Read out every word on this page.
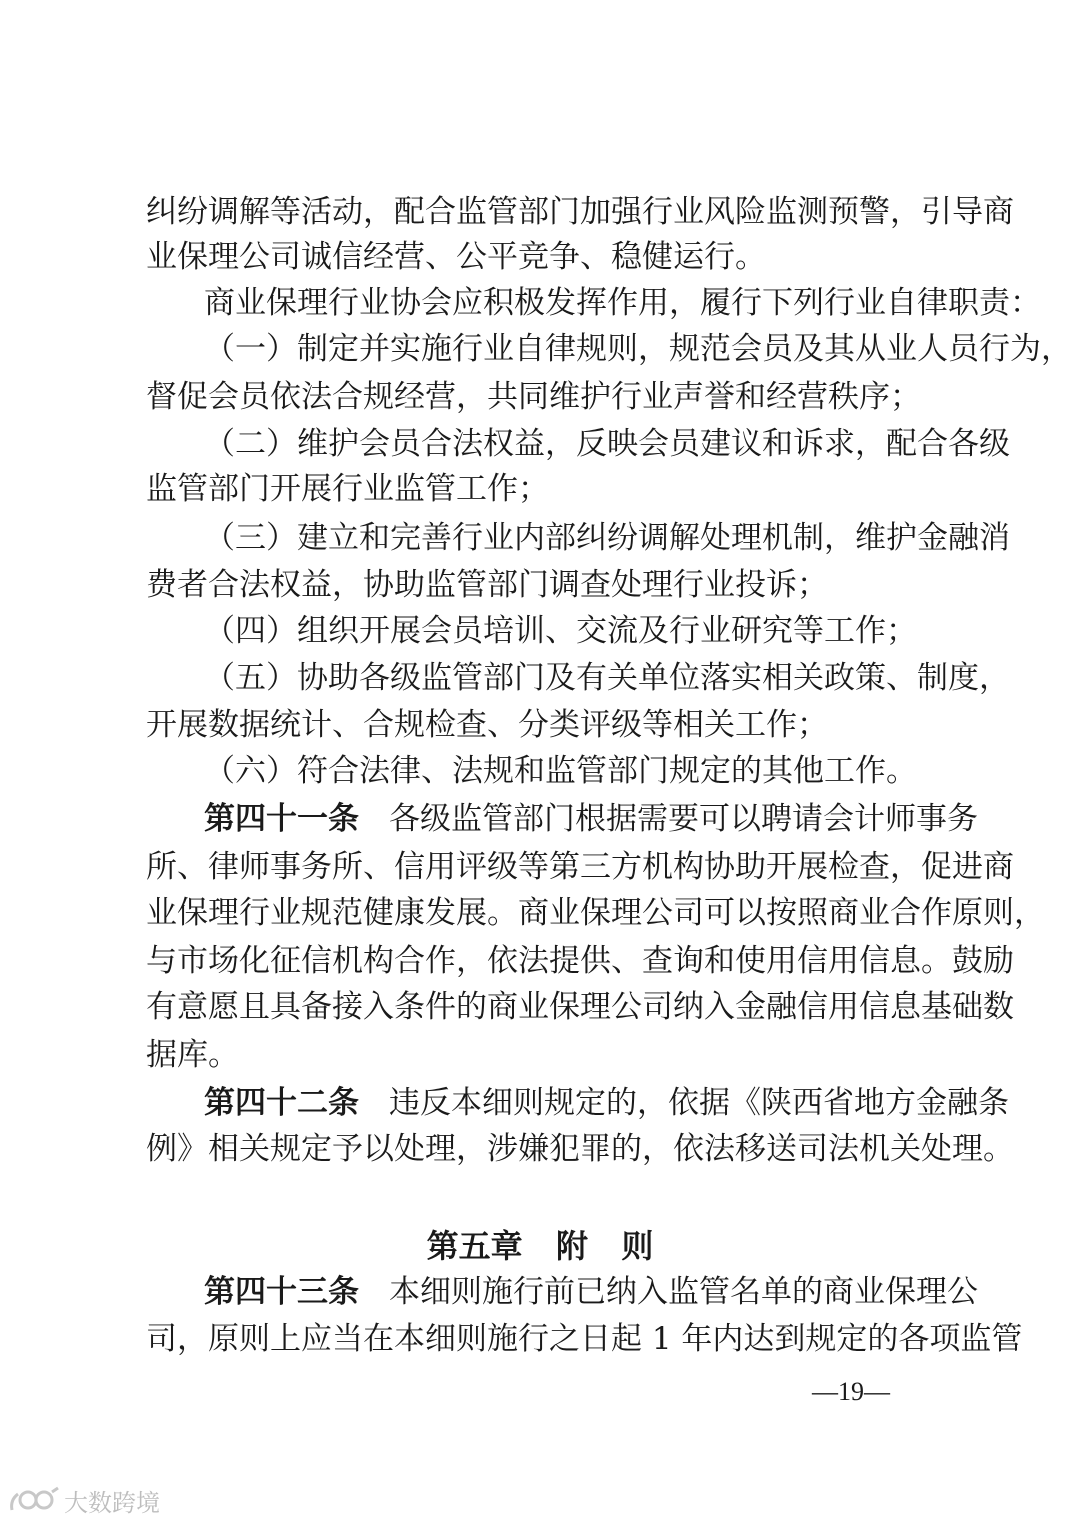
纠纷调解等活动，配合监管部门加强行业风险监测预警，引导商
业保理公司诚信经营、公平竞争、稳健运行。
商业保理行业协会应积极发挥作用，履行下列行业自律职责：
（一）制定并实施行业自律规则，规范会员及其从业人员行为，
督促会员依法合规经营，共同维护行业声誉和经营秩序；
（二）维护会员合法权益，反映会员建议和诉求，配合各级
监管部门开展行业监管工作；
（三）建立和完善行业内部纠纷调解处理机制，维护金融消
费者合法权益，协助监管部门调查处理行业投诉；
（四）组织开展会员培训、交流及行业研究等工作；
（五）协助各级监管部门及有关单位落实相关政策、制度，
开展数据统计、合规检查、分类评级等相关工作；
（六）符合法律、法规和监管部门规定的其他工作。
第四十一条 各级监管部门根据需要可以聘请会计师事务
所、律师事务所、信用评级等第三方机构协助开展检查，促进商
业保理行业规范健康发展。商业保理公司可以按照商业合作原则，
与市场化征信机构合作，依法提供、查询和使用信用信息。鼓励
有意愿且具备接入条件的商业保理公司纳入金融信用信息基础数
据库。
第四十二条 违反本细则规定的，依据《陕西省地方金融条
例》相关规定予以处理，涉嫌犯罪的，依法移送司法机关处理。
第五章   附   则
第四十三条 本细则施行前已纳入监管名单的商业保理公
司，原则上应当在本细则施行之日起 1 年内达到规定的各项监管
—19—
大数跨境
